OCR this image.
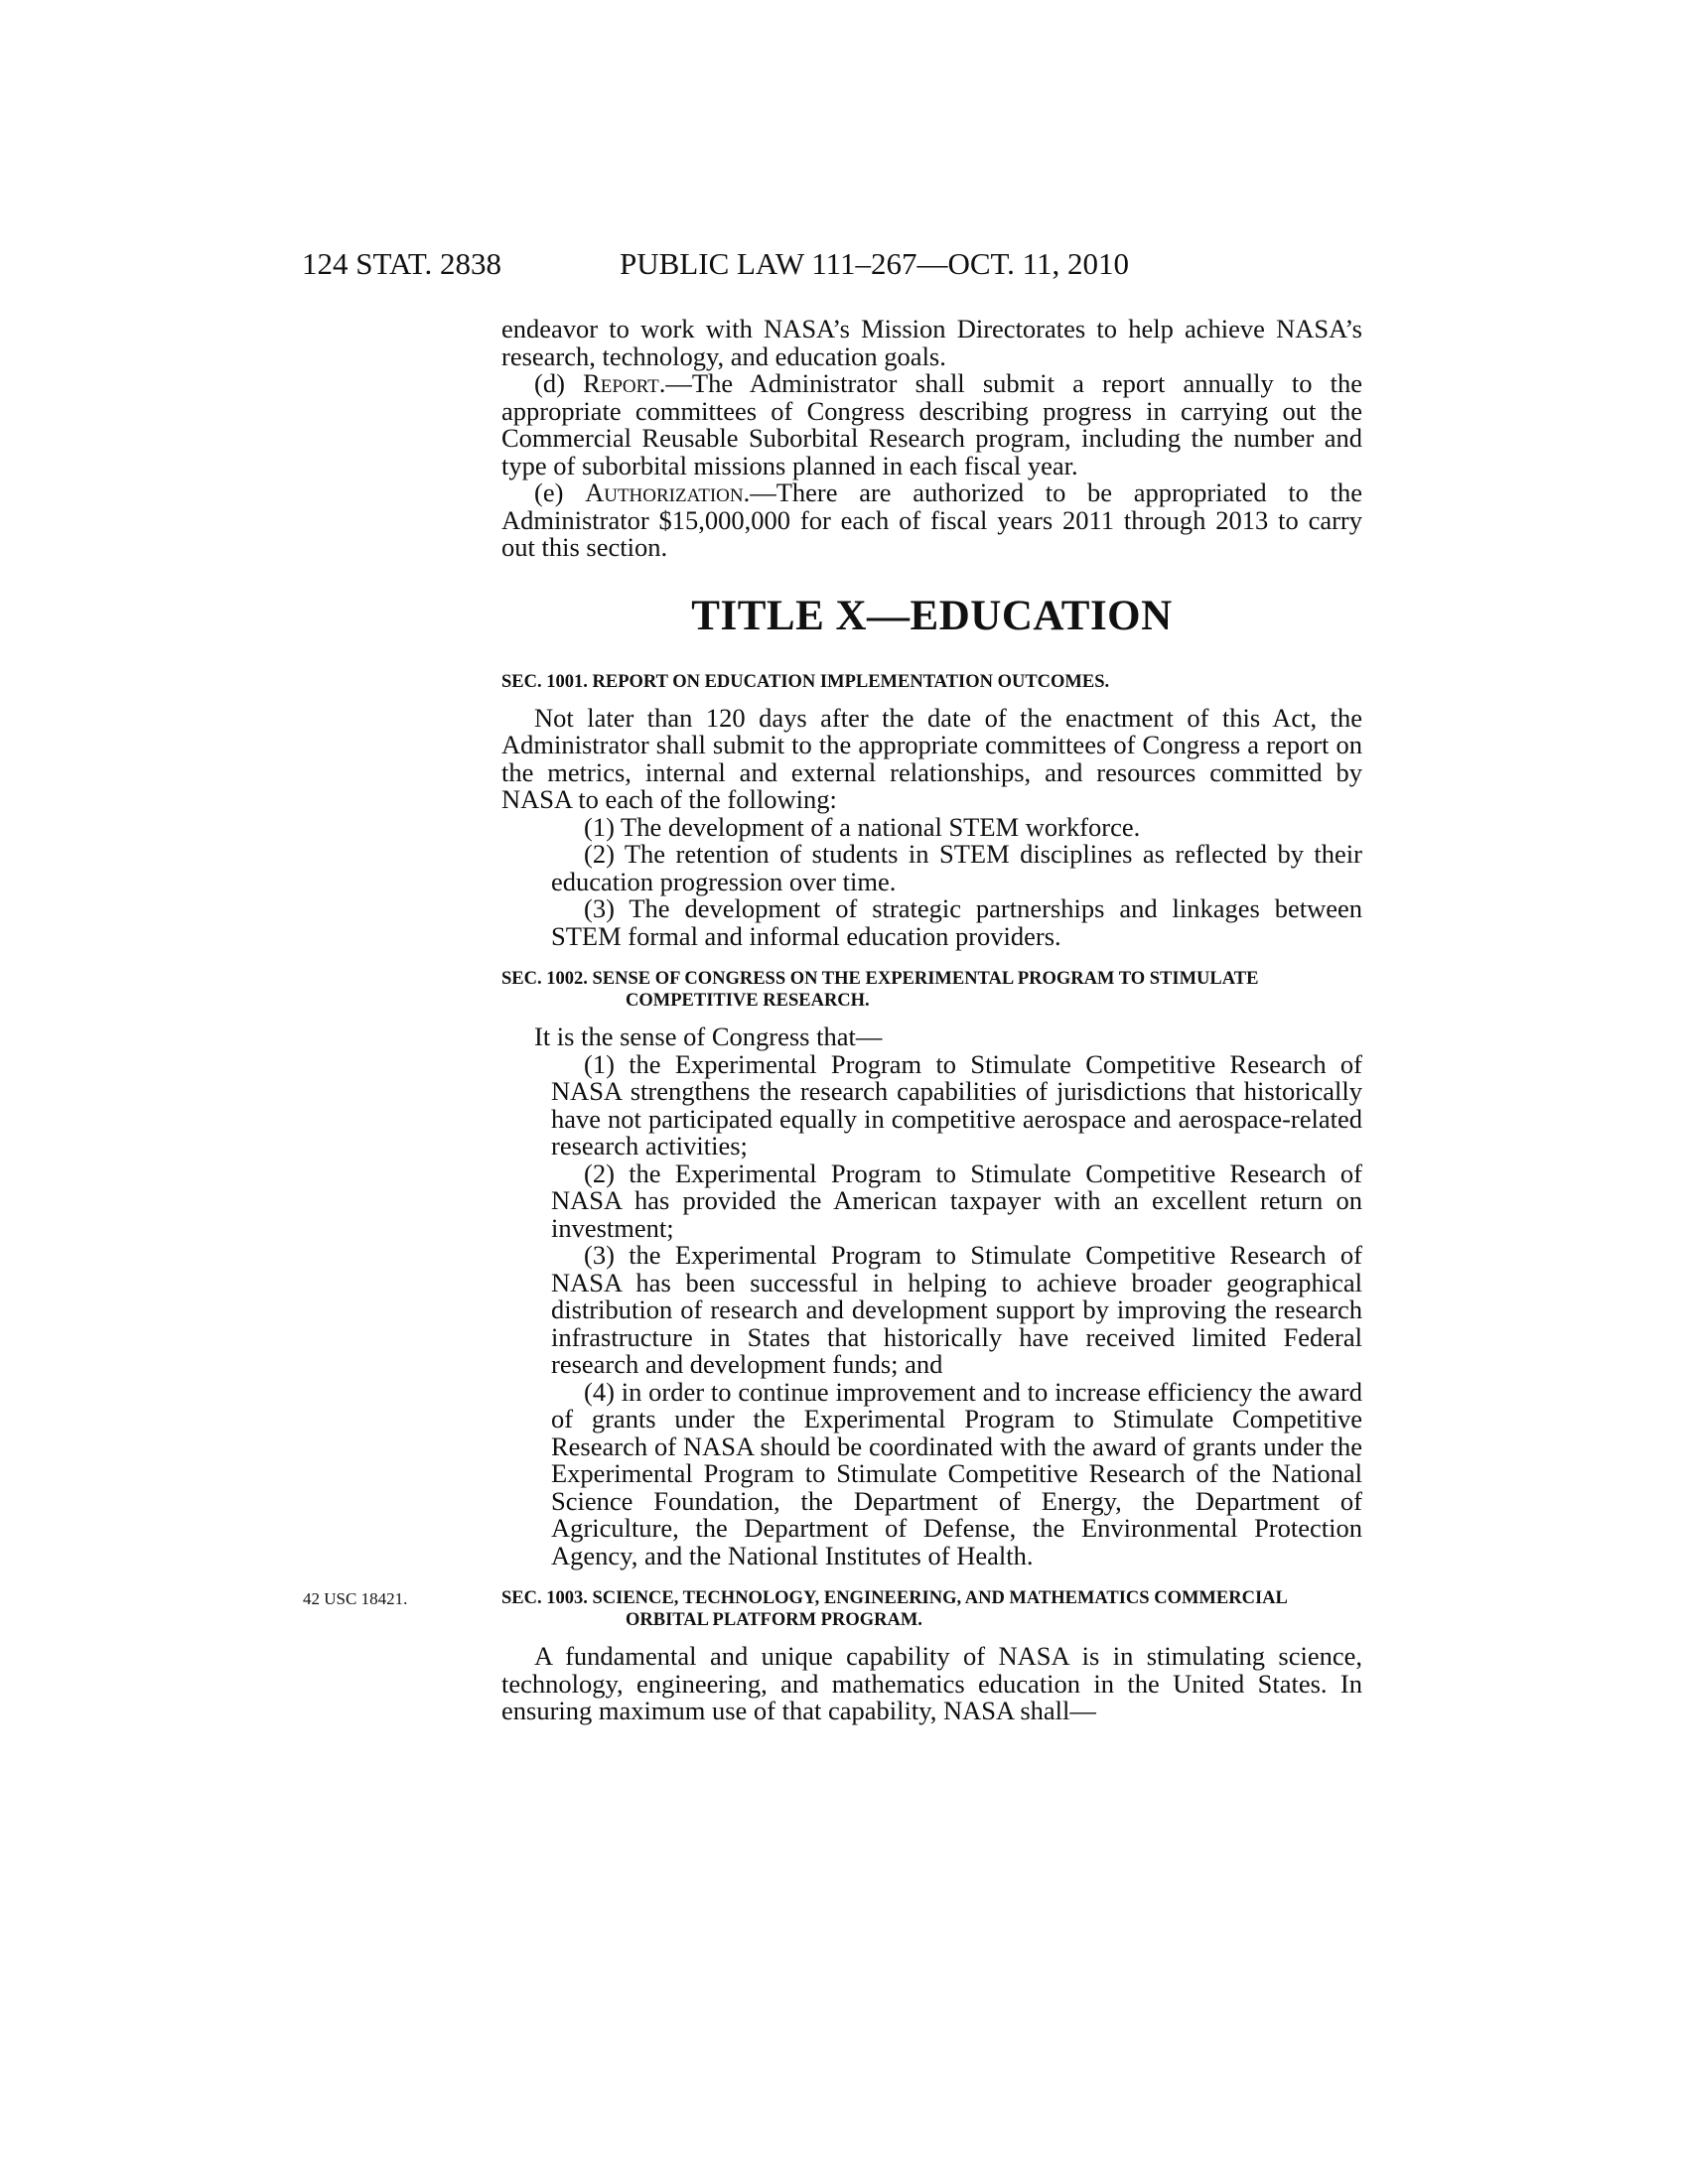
124 STAT. 2838	PUBLIC LAW 111–267—OCT. 11, 2010

endeavor to work with NASA’s Mission Directorates to help achieve NASA’s research, technology, and education goals.

(d) Report.—The Administrator shall submit a report annually to the appropriate committees of Congress describing progress in carrying out the Commercial Reusable Suborbital Research program, including the number and type of suborbital missions planned in each fiscal year.

(e) Authorization.—There are authorized to be appropriated to the Administrator $15,000,000 for each of fiscal years 2011 through 2013 to carry out this section.

TITLE X—EDUCATION
SEC. 1001. REPORT ON EDUCATION IMPLEMENTATION OUTCOMES.

Not later than 120 days after the date of the enactment of this Act, the Administrator shall submit to the appropriate committees of Congress a report on the metrics, internal and external relationships, and resources committed by NASA to each of the following:

(1) The development of a national STEM workforce.

(2) The retention of students in STEM disciplines as reflected by their education progression over time.

(3) The development of strategic partnerships and linkages between STEM formal and informal education providers.

SEC. 1002. SENSE OF CONGRESS ON THE EXPERIMENTAL PROGRAM TO STIMULATE COMPETITIVE RESEARCH.

It is the sense of Congress that—

(1) the Experimental Program to Stimulate Competitive Research of NASA strengthens the research capabilities of jurisdictions that historically have not participated equally in competitive aerospace and aerospace-related research activities;

(2) the Experimental Program to Stimulate Competitive Research of NASA has provided the American taxpayer with an excellent return on investment;

(3) the Experimental Program to Stimulate Competitive Research of NASA has been successful in helping to achieve broader geographical distribution of research and development support by improving the research infrastructure in States that historically have received limited Federal research and development funds; and

(4) in order to continue improvement and to increase efficiency the award of grants under the Experimental Program to Stimulate Competitive Research of NASA should be coordinated with the award of grants under the Experimental Program to Stimulate Competitive Research of the National Science Foundation, the Department of Energy, the Department of Agriculture, the Department of Defense, the Environmental Protection Agency, and the National Institutes of Health.

SEC. 1003. SCIENCE, TECHNOLOGY, ENGINEERING, AND MATHEMATICS COMMERCIAL ORBITAL PLATFORM PROGRAM.

A fundamental and unique capability of NASA is in stimulating science, technology, engineering, and mathematics education in the United States. In ensuring maximum use of that capability, NASA shall—

42 USC 18421.
